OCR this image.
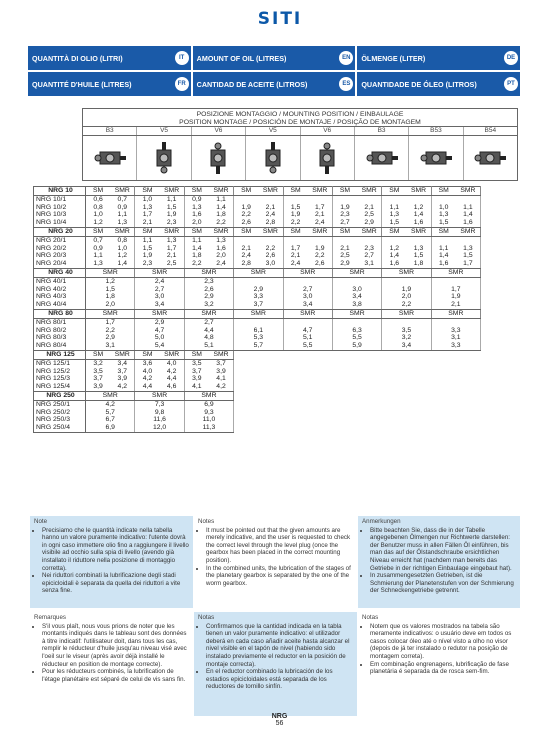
SITI
QUANTITÀ DI OLIO (LITRI)	IT	AMOUNT OF OIL (LITRES)	EN	ÖLMENGE (LITER)	DE
QUANTITÉ D'HUILE (LITRES)	FR	CANTIDAD DE ACEITE (LITROS)	ES	QUANTIDADE DE ÓLEO (LITROS)	PT
POSIZIONE MONTAGGIO / MOUNTING POSITION / EINBAULAGE
POSITION MONTAGE / POSICIÓN DE MONTAJE / POSIÇÃO DE MONTAGEM
B3	V5	V6	V5	V6	B3	B53	B54
NRG 10	SM	SMR	SM	SMR	SM	SMR	SM	SMR	SM	SMR	SM	SMR	SM	SMR	SM	SMR
NRG 10/1	0,6	0,7	1,0	1,1	0,9	1,1										
NRG 10/2	0,8	0,9	1,3	1,5	1,3	1,4	1,9	2,1	1,5	1,7	1,9	2,1	1,1	1,2	1,0	1,1
NRG 10/3	1,0	1,1	1,7	1,9	1,6	1,8	2,2	2,4	1,9	2,1	2,3	2,5	1,3	1,4	1,3	1,4
NRG 10/4	1,2	1,3	2,1	2,3	2,0	2,2	2,6	2,8	2,2	2,4	2,7	2,9	1,5	1,6	1,5	1,6
NRG 20	SM	SMR	SM	SMR	SM	SMR	SM	SMR	SM	SMR	SM	SMR	SM	SMR	SM	SMR
NRG 20/1	0,7	0,8	1,1	1,3	1,1	1,3										
NRG 20/2	0,9	1,0	1,5	1,7	1,4	1,6	2,1	2,2	1,7	1,9	2,1	2,3	1,2	1,3	1,1	1,3
NRG 20/3	1,1	1,2	1,9	2,1	1,8	2,0	2,4	2,6	2,1	2,2	2,5	2,7	1,4	1,5	1,4	1,5
NRG 20/4	1,3	1,4	2,3	2,5	2,2	2,4	2,8	3,0	2,4	2,6	2,9	3,1	1,6	1,8	1,6	1,7
NRG 40	SMR		SMR		SMR		SMR		SMR		SMR		SMR		SMR	
NRG 40/1	1,2		2,4		2,3											
NRG 40/2	1,5		2,7		2,6		2,9		2,7		3,0		1,9		1,7	
NRG 40/3	1,8		3,0		2,9		3,3		3,0		3,4		2,0		1,9	
NRG 40/4	2,0		3,4		3,2		3,7		3,4		3,8		2,2		2,1	
NRG 80	SMR		SMR		SMR		SMR		SMR		SMR		SMR		SMR	
NRG 80/1	1,7		2,9		2,7											
NRG 80/2	2,2		4,7		4,4		6,1		4,7		6,3		3,5		3,3	
NRG 80/3	2,9		5,0		4,8		5,3		5,1		5,5		3,2		3,1	
NRG 80/4	3,1		5,4		5,1		5,7		5,5		5,9		3,4		3,3	
NRG 125	SM	SMR	SM	SMR	SM	SMR										
NRG 125/1	3,2	3,4	3,6	4,0	3,5	3,7										
NRG 125/2	3,5	3,7	4,0	4,2	3,7	3,9										
NRG 125/3	3,7	3,9	4,2	4,4	3,9	4,1										
NRG 125/4	3,9	4,2	4,4	4,6	4,1	4,2										
NRG 250	SMR		SMR		SMR											
NRG 250/1	4,2		7,3		6,9											
NRG 250/2	5,7		9,8		9,3											
NRG 250/3	6,7		11,6		11,0											
NRG 250/4	6,9		12,0		11,3											
Note
• Precisiamo che le quantità indicate nella tabella hanno un valore puramente indicativo: l'utente dovrà in ogni caso immettere olio fino a raggiungere il livello visibile ad occhio sulla spia di livello (avendo già installato il riduttore nella posizione di montaggio corretta).
• Nei riduttori combinati la lubrificazione degli stadi epicicloidali è separata da quella dei riduttori a vite senza fine.
Notes
• It must be pointed out that the given amounts are merely indicative, and the user is requested to check the correct level through the level plug (once the gearbox has been placed in the correct mounting position).
• In the combined units, the lubrication of the stages of the planetary gearbox is separated by the one of the worm gearbox.
Anmerkungen
• Bitte beachten Sie, dass die in der Tabelle angegebenen Ölmengen nur Richtwerte darstellen: der Benutzer muss in allen Fällen Öl einführen, bis man das auf der Ölstandschraube ersichtlichen Niveau erreicht hat (nachdem man bereits das Getriebe in der richtigen Einbaulage eingebaut hat).
• In zusammengesetzten Getrieben, ist die Schmierung der Planetenstufen von der Schmierung der Schneckengetriebe getrennt.
Remarques
• S'il vous plaît, nous vous prions de noter que les montants indiqués dans le tableau sont des données à titre indicatif: l'utilisateur doit, dans tous les cas, remplir le réducteur d'huile jusqu'au niveau visé avec l'oeil sur le viseur (après avoir déjà installé le réducteur en position de montage correcte).
• Pour les réducteurs combinés, la lubrification de l'étage planétaire est séparé de celui de vis sans fin.
Notas
• Confirmamos que la cantidad indicada en la tabla tienen un valor puramente indicativo: el utilizador deberá en cada caso añadir aceite hasta alcanzar el nivel visible en el tapón de nivel (habiendo sido instalado previamente el reductor en la posición de montaje correcta).
• En el reductor combinado la lubricación de los estadios epicicloidales está separada de los reductores de tornillo sinfín.
Notas
• Notem que os valores mostrados na tabela são meramente indicativos: o usuário deve em todos os casos colocar óleo até o nível visto a olho no visor (depois de já ter instalado o redutor na posição de montagem correta).
• Em combinação engrenagens, lubrificação de fase planetária é separada da de rosca sem-fim.
NRG
56
